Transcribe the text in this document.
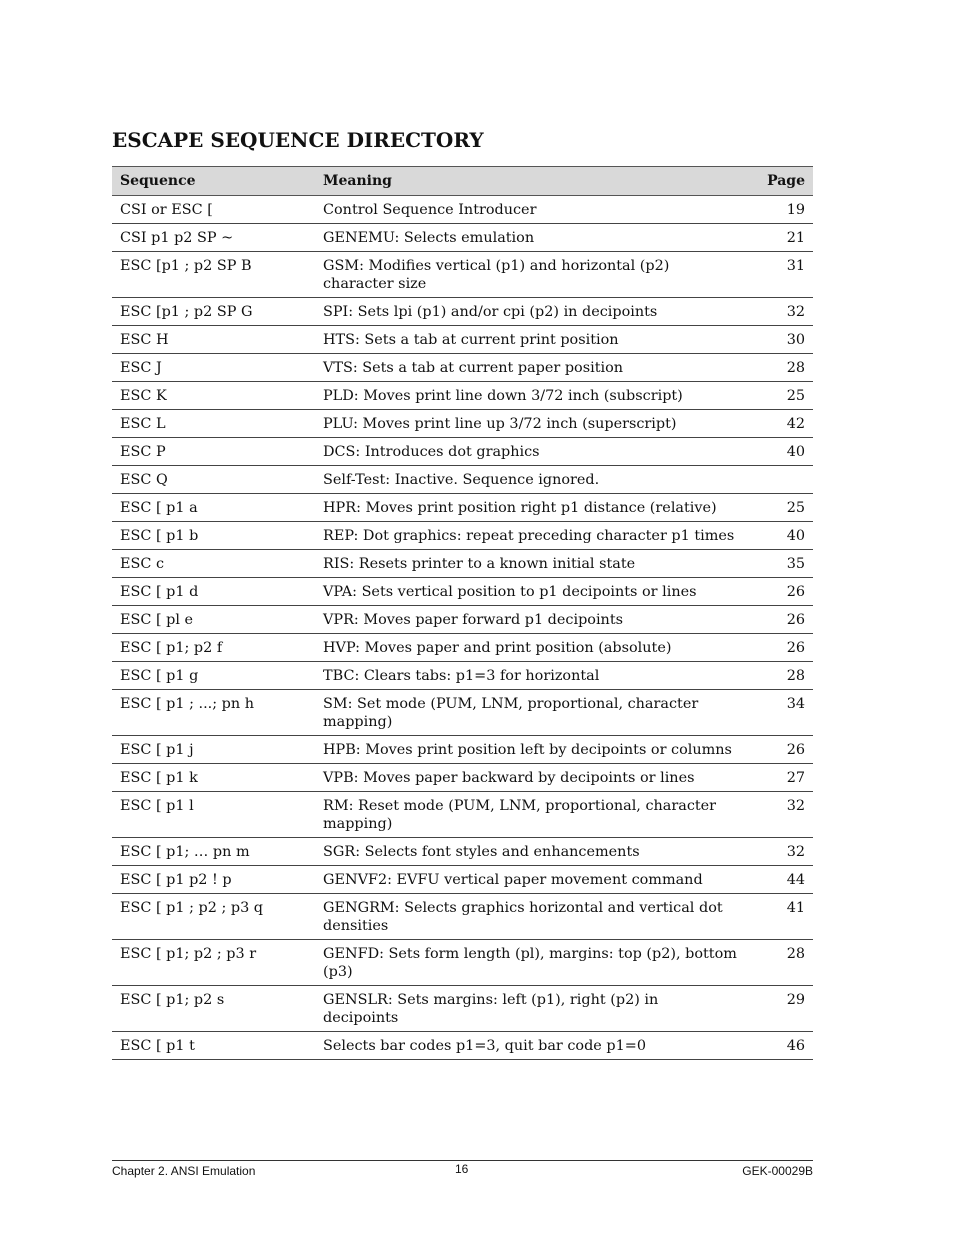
ESCAPE SEQUENCE DIRECTORY
Sequence	Meaning	Page
CSI or ESC [	Control Sequence Introducer	19
CSI p1 p2 SP ~	GENEMU: Selects emulation	21
ESC [p1 ; p2 SP B	GSM: Modifies vertical (p1) and horizontal (p2) character size	31
ESC [p1 ; p2 SP G	SPI: Sets lpi (p1) and/or cpi (p2) in decipoints	32
ESC H	HTS: Sets a tab at current print position	30
ESC J	VTS: Sets a tab at current paper position	28
ESC K	PLD: Moves print line down 3/72 inch (subscript)	25
ESC L	PLU: Moves print line up 3/72 inch (superscript)	42
ESC P	DCS: Introduces dot graphics	40
ESC Q	Self-Test: Inactive. Sequence ignored.	
ESC [ p1 a	HPR: Moves print position right p1 distance (relative)	25
ESC [ p1 b	REP: Dot graphics: repeat preceding character p1 times	40
ESC c	RIS: Resets printer to a known initial state	35
ESC [ p1 d	VPA: Sets vertical position to p1 decipoints or lines	26
ESC [ pl e	VPR: Moves paper forward p1 decipoints	26
ESC [ p1; p2 f	HVP: Moves paper and print position (absolute)	26
ESC [ p1 g	TBC: Clears tabs: p1=3 for horizontal	28
ESC [ p1 ; ...; pn h	SM: Set mode (PUM, LNM, proportional, character mapping)	34
ESC [ p1 j	HPB: Moves print position left by decipoints or columns	26
ESC [ p1 k	VPB: Moves paper backward by decipoints or lines	27
ESC [ p1 l	RM: Reset mode (PUM, LNM, proportional, character mapping)	32
ESC [ p1; … pn m	SGR: Selects font styles and enhancements	32
ESC [ p1 p2 ! p	GENVF2: EVFU vertical paper movement command	44
ESC [ p1 ; p2 ; p3 q	GENGRM: Selects graphics horizontal and vertical dot densities	41
ESC [ p1; p2 ; p3 r	GENFD: Sets form length (pl), margins: top (p2), bottom (p3)	28
ESC [ p1; p2 s	GENSLR: Sets margins: left (p1), right (p2) in decipoints	29
ESC [ p1 t	Selects bar codes p1=3, quit bar code p1=0	46
Chapter 2. ANSI Emulation	16	GEK-00029B
